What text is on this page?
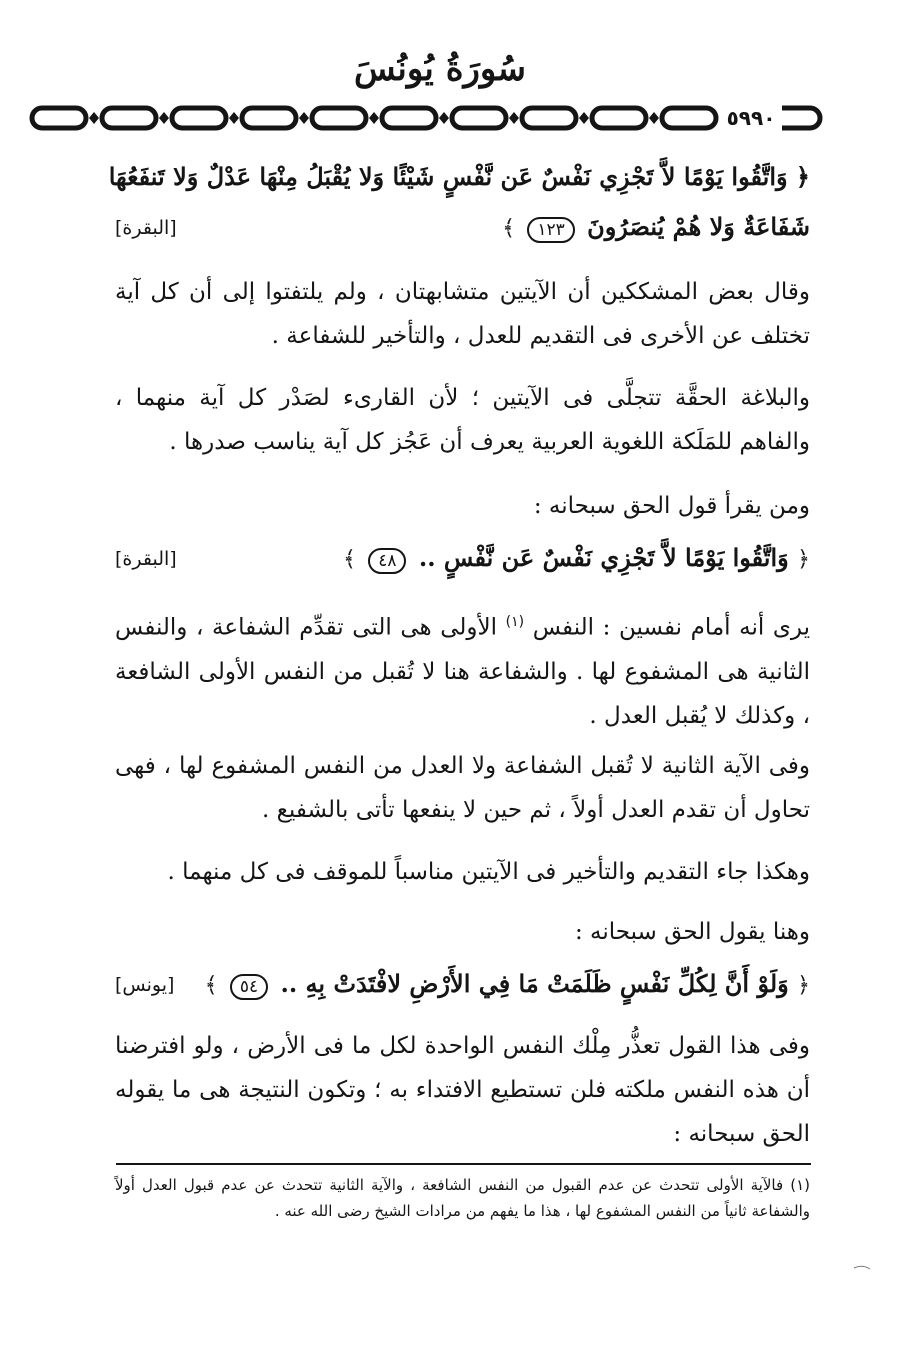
سُورَةُ يُونُسَ
٥٩٩٠
﴿ وَاتَّقُوا يَوْمًا لاَّ تَجْزِي نَفْسٌ عَن نَّفْسٍ شَيْئًا وَلا يُقْبَلُ مِنْهَا عَدْلٌ وَلا تَنفَعُهَا
شَفَاعَةٌ وَلا هُمْ يُنصَرُونَ ١٢٣ ﴾
[البقرة]

وقال بعض المشككين أن الآيتين متشابهتان ، ولم يلتفتوا إلى أن كل آية تختلف عن الأخرى فى التقديم للعدل ، والتأخير للشفاعة .

والبلاغة الحقَّة تتجلَّى فى الآيتين ؛ لأن القارىء لصَدْر كل آية منهما ، والفاهم للمَلَكة اللغوية العربية يعرف أن عَجُز كل آية يناسب صدرها .

ومن يقرأ قول الحق سبحانه :

﴿ وَاتَّقُوا يَوْمًا لاَّ تَجْزِي نَفْسٌ عَن نَّفْسٍ .. ٤٨ ﴾
[البقرة]

يرى أنه أمام نفسين : النفس $^{(١)}$ الأولى هى التى تقدِّم الشفاعة ، والنفس الثانية هى المشفوع لها . والشفاعة هنا لا تُقبل من النفس الأولى الشافعة ، وكذلك لا يُقبل العدل .

وفى الآية الثانية لا تُقبل الشفاعة ولا العدل من النفس المشفوع لها ، فهى تحاول أن تقدم العدل أولاً ، ثم حين لا ينفعها تأتى بالشفيع .

وهكذا جاء التقديم والتأخير فى الآيتين مناسباً للموقف فى كل منهما .

وهنا يقول الحق سبحانه :

﴿ وَلَوْ أَنَّ لِكُلِّ نَفْسٍ ظَلَمَتْ مَا فِي الأَرْضِ لافْتَدَتْ بِهِ .. ٥٤ ﴾
[يونس]

وفى هذا القول تعذُّر مِلْك النفس الواحدة لكل ما فى الأرض ، ولو افترضنا أن هذه النفس ملكته فلن تستطيع الافتداء به ؛ وتكون النتيجة هى ما يقوله الحق سبحانه :

(١) فالآية الأولى تتحدث عن عدم القبول من النفس الشافعة ، والآية الثانية تتحدث عن عدم قبول العدل أولاً والشفاعة ثانياً من النفس المشفوع لها ، هذا ما يفهم من مرادات الشيخ رضى الله عنه .
